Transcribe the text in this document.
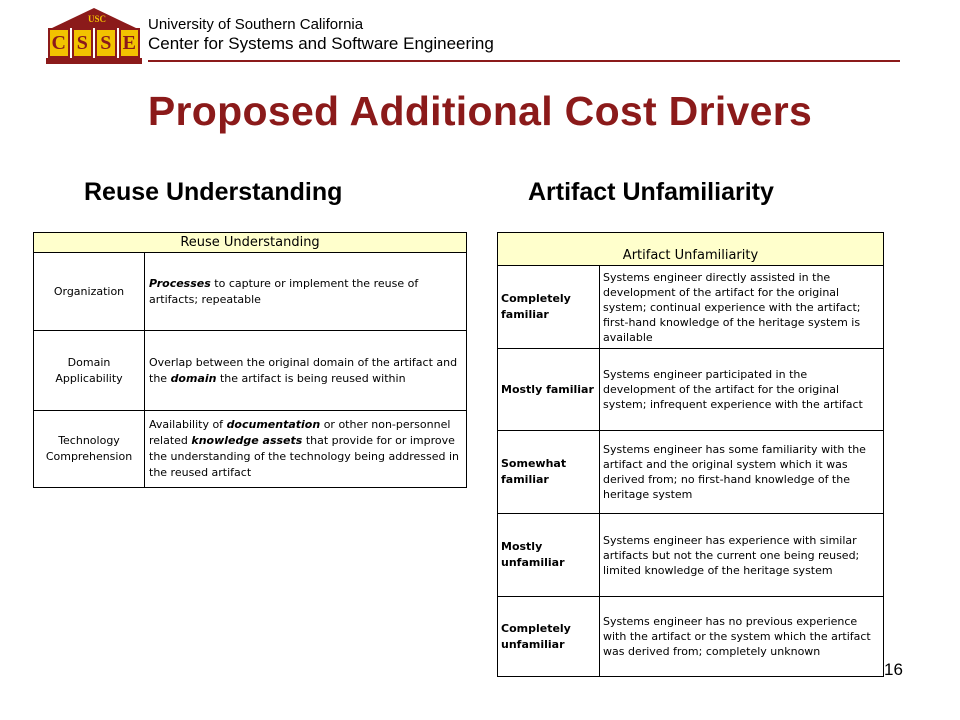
USC
C S S E
University of Southern California
Center for Systems and Software Engineering
Proposed Additional Cost Drivers
Reuse Understanding	Artifact Unfamiliarity
Reuse Understanding	
Organization	Processes to capture or implement the reuse of artifacts; repeatable
Domain
Applicability	Overlap between the original domain of the artifact and the domain the artifact is being reused within
Technology
Comprehension	Availability of documentation or other non-personnel related knowledge assets that provide for or improve the understanding of the technology being addressed in the reused artifact
Artifact Unfamiliarity	
Completely familiar	Systems engineer directly assisted in the development of the artifact for the original system; continual experience with the artifact; first-hand knowledge of the heritage system is available
Mostly familiar	Systems engineer participated in the development of the artifact for the original system; infrequent experience with the artifact
Somewhat familiar	Systems engineer has some familiarity with the artifact and the original system which it was derived from; no first-hand knowledge of the heritage system
Mostly unfamiliar	Systems engineer has experience with similar artifacts but not the current one being reused; limited knowledge of the heritage system
Completely unfamiliar	Systems engineer has no previous experience with the artifact or the system which the artifact was derived from; completely unknown
16
